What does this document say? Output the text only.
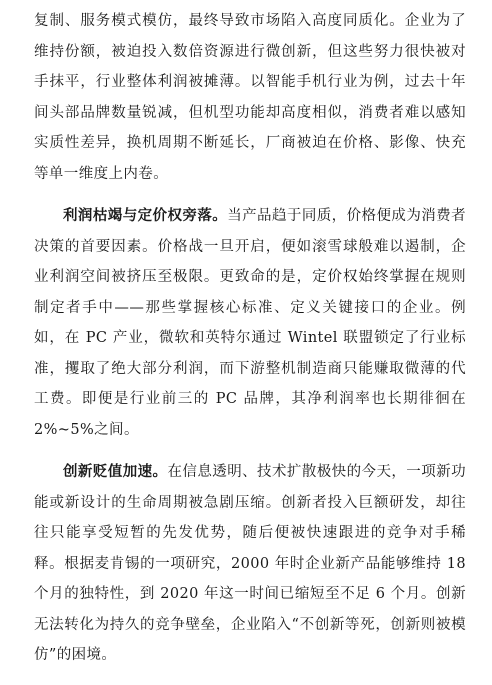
复制、服务模式模仿，最终导致市场陷入高度同质化。企业为了维持份额，被迫投入数倍资源进行微创新，但这些努力很快被对手抹平，行业整体利润被摊薄。以智能手机行业为例，过去十年间头部品牌数量锐减，但机型功能却高度相似，消费者难以感知实质性差异，换机周期不断延长，厂商被迫在价格、影像、快充等单一维度上内卷。

利润枯竭与定价权旁落。当产品趋于同质，价格便成为消费者决策的首要因素。价格战一旦开启，便如滚雪球般难以遏制，企业利润空间被挤压至极限。更致命的是，定价权始终掌握在规则制定者手中——那些掌握核心标准、定义关键接口的企业。例如，在 PC 产业，微软和英特尔通过 Wintel 联盟锁定了行业标准，攫取了绝大部分利润，而下游整机制造商只能赚取微薄的代工费。即便是行业前三的 PC 品牌，其净利润率也长期徘徊在 2%~5%之间。

创新贬值加速。在信息透明、技术扩散极快的今天，一项新功能或新设计的生命周期被急剧压缩。创新者投入巨额研发，却往往只能享受短暂的先发优势，随后便被快速跟进的竞争对手稀释。根据麦肯锡的一项研究，2000 年时企业新产品能够维持 18 个月的独特性，到 2020 年这一时间已缩短至不足 6 个月。创新无法转化为持久的竞争壁垒，企业陷入“不创新等死，创新则被模仿”的困境。
